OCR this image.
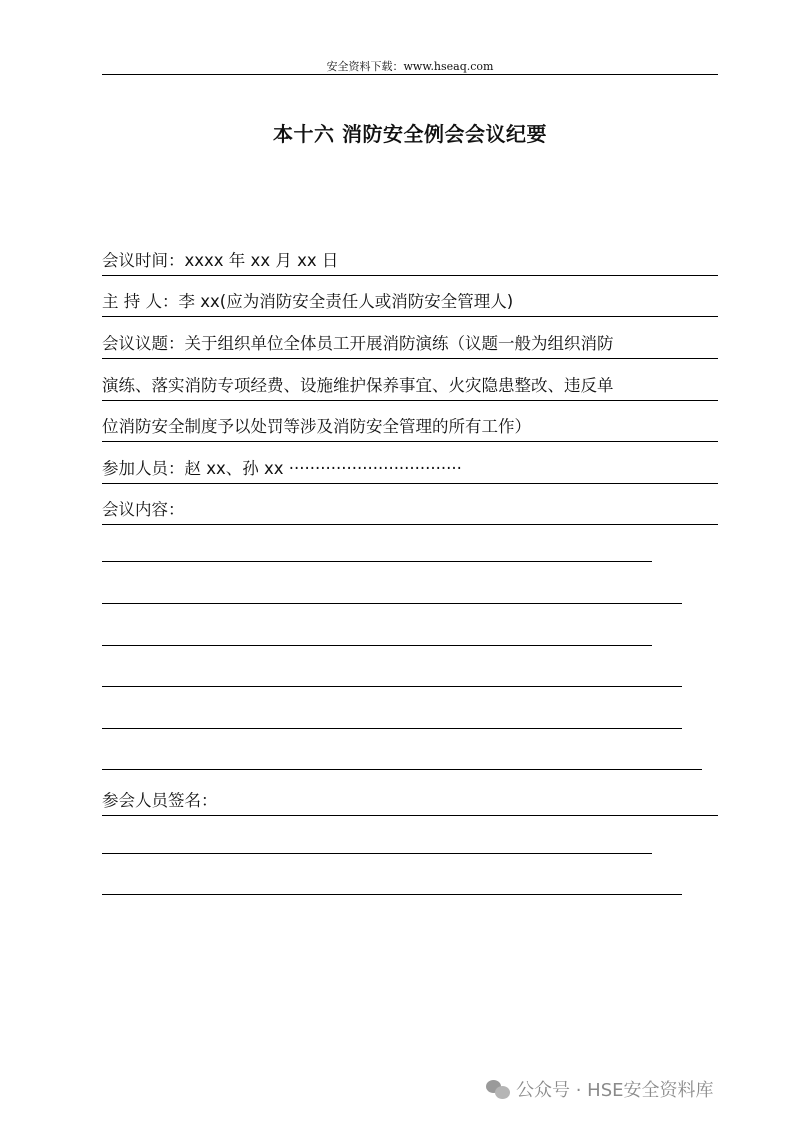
安全资料下载：www.hseaq.com
本十六 消防安全例会会议纪要
会议时间：xxxx 年 xx 月 xx 日
主 持 人：李 xx(应为消防安全责任人或消防安全管理人)
会议议题：关于组织单位全体员工开展消防演练（议题一般为组织消防
演练、落实消防专项经费、设施维护保养事宜、火灾隐患整改、违反单
位消防安全制度予以处罚等涉及消防安全管理的所有工作）
参加人员：赵 xx、孙 xx ·································
会议内容：
参会人员签名：
公众号 · HSE安全资料库
